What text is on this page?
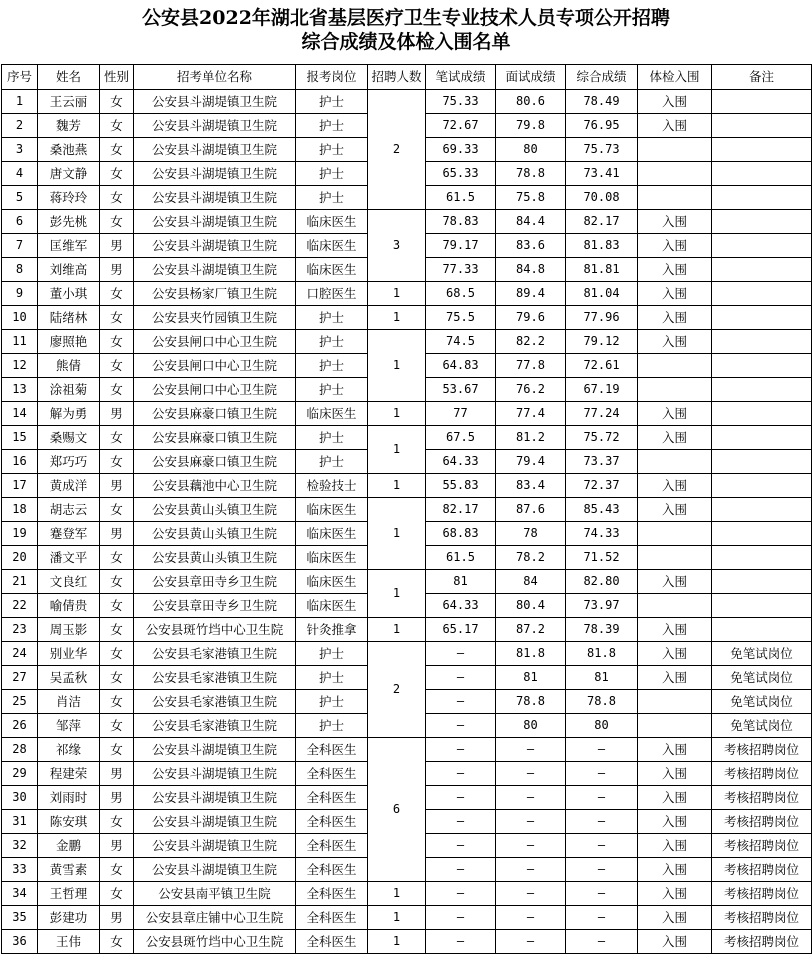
公安县2022年湖北省基层医疗卫生专业技术人员专项公开招聘
综合成绩及体检入围名单
序号	姓名	性别	招考单位名称	报考岗位	招聘人数	笔试成绩	面试成绩	综合成绩	体检入围	备注
1	王云丽	女	公安县斗湖堤镇卫生院	护士	2	75.33	80.6	78.49	入围	
2	魏芳	女	公安县斗湖堤镇卫生院	护士		72.67	79.8	76.95	入围	
3	桑池燕	女	公安县斗湖堤镇卫生院	护士		69.33	80	75.73		
4	唐文静	女	公安县斗湖堤镇卫生院	护士		65.33	78.8	73.41		
5	蒋玲玲	女	公安县斗湖堤镇卫生院	护士		61.5	75.8	70.08		
6	彭先桃	女	公安县斗湖堤镇卫生院	临床医生	3	78.83	84.4	82.17	入围	
7	匡维军	男	公安县斗湖堤镇卫生院	临床医生		79.17	83.6	81.83	入围	
8	刘维高	男	公安县斗湖堤镇卫生院	临床医生		77.33	84.8	81.81	入围	
9	董小琪	女	公安县杨家厂镇卫生院	口腔医生	1	68.5	89.4	81.04	入围	
10	陆绪林	女	公安县夹竹园镇卫生院	护士	1	75.5	79.6	77.96	入围	
11	廖照艳	女	公安县闸口中心卫生院	护士	1	74.5	82.2	79.12	入围	
12	熊倩	女	公安县闸口中心卫生院	护士		64.83	77.8	72.61		
13	涂祖菊	女	公安县闸口中心卫生院	护士		53.67	76.2	67.19		
14	解为勇	男	公安县麻豪口镇卫生院	临床医生	1	77	77.4	77.24	入围	
15	桑赐文	女	公安县麻豪口镇卫生院	护士	1	67.5	81.2	75.72	入围	
16	郑巧巧	女	公安县麻豪口镇卫生院	护士		64.33	79.4	73.37		
17	黄成洋	男	公安县藕池中心卫生院	检验技士	1	55.83	83.4	72.37	入围	
18	胡志云	女	公安县黄山头镇卫生院	临床医生	1	82.17	87.6	85.43	入围	
19	蹇登军	男	公安县黄山头镇卫生院	临床医生		68.83	78	74.33		
20	潘文平	女	公安县黄山头镇卫生院	临床医生		61.5	78.2	71.52		
21	文良红	女	公安县章田寺乡卫生院	临床医生	1	81	84	82.80	入围	
22	喻倩贵	女	公安县章田寺乡卫生院	临床医生		64.33	80.4	73.97		
23	周玉影	女	公安县斑竹垱中心卫生院	针灸推拿	1	65.17	87.2	78.39	入围	
24	别业华	女	公安县毛家港镇卫生院	护士	2	–	81.8	81.8	入围	免笔试岗位
27	吴孟秋	女	公安县毛家港镇卫生院	护士		–	81	81	入围	免笔试岗位
25	肖洁	女	公安县毛家港镇卫生院	护士		–	78.8	78.8		免笔试岗位
26	邹萍	女	公安县毛家港镇卫生院	护士		–	80	80		免笔试岗位
28	祁缘	女	公安县斗湖堤镇卫生院	全科医生	6	–	–	–	入围	考核招聘岗位
29	程建荣	男	公安县斗湖堤镇卫生院	全科医生		–	–	–	入围	考核招聘岗位
30	刘雨时	男	公安县斗湖堤镇卫生院	全科医生		–	–	–	入围	考核招聘岗位
31	陈安琪	女	公安县斗湖堤镇卫生院	全科医生		–	–	–	入围	考核招聘岗位
32	金鹏	男	公安县斗湖堤镇卫生院	全科医生		–	–	–	入围	考核招聘岗位
33	黄雪素	女	公安县斗湖堤镇卫生院	全科医生		–	–	–	入围	考核招聘岗位
34	王哲理	女	公安县南平镇卫生院	全科医生	1	–	–	–	入围	考核招聘岗位
35	彭建功	男	公安县章庄铺中心卫生院	全科医生	1	–	–	–	入围	考核招聘岗位
36	王伟	女	公安县斑竹垱中心卫生院	全科医生	1	–	–	–	入围	考核招聘岗位
